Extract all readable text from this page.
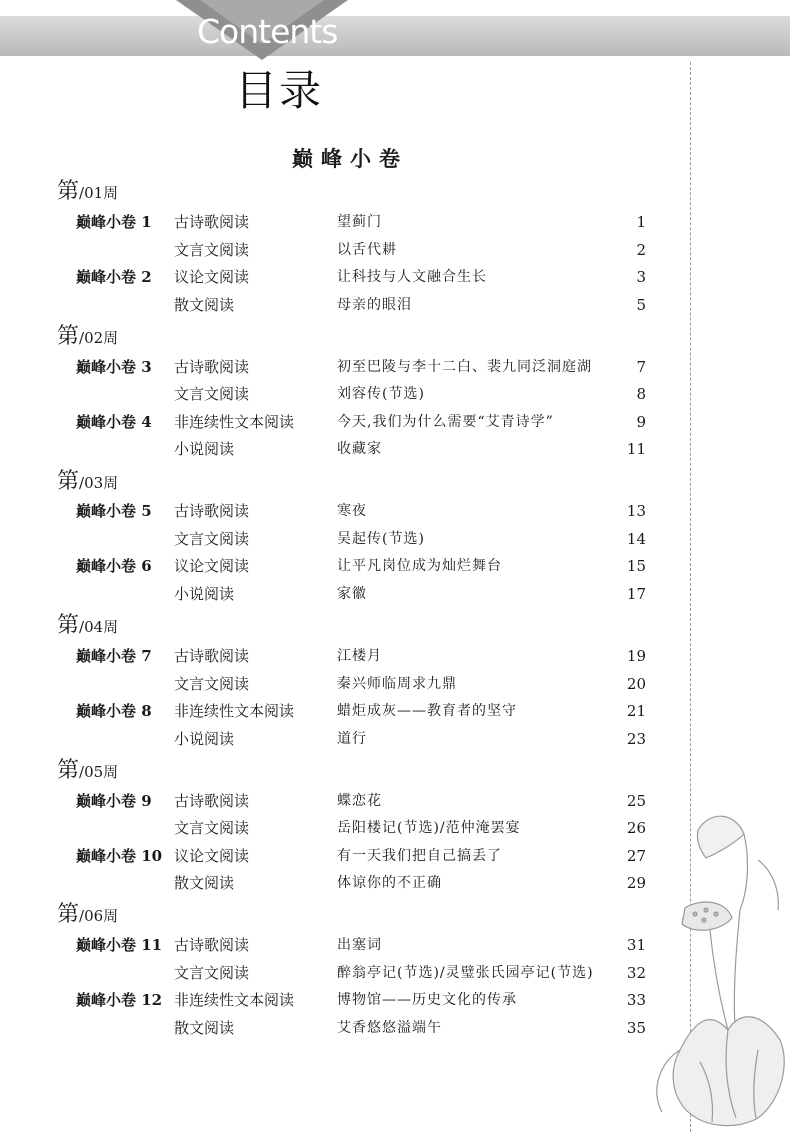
Contents
目录
巅峰小卷
第/01周
巅峰小卷 1 古诗歌阅读	望蓟门	1
文言文阅读	以舌代耕	2
巅峰小卷 2 议论文阅读	让科技与人文融合生长	3
散文阅读	母亲的眼泪	5
第/02周
巅峰小卷 3 古诗歌阅读	初至巴陵与李十二白、裴九同泛洞庭湖	7
文言文阅读	刘容传(节选)	8
巅峰小卷 4 非连续性文本阅读	今天,我们为什么需要“艾青诗学”	9
小说阅读	收藏家	11
第/03周
巅峰小卷 5 古诗歌阅读	寒夜	13
文言文阅读	吴起传(节选)	14
巅峰小卷 6 议论文阅读	让平凡岗位成为灿烂舞台	15
小说阅读	家徽	17
第/04周
巅峰小卷 7 古诗歌阅读	江楼月	19
文言文阅读	秦兴师临周求九鼎	20
巅峰小卷 8 非连续性文本阅读	蜡炬成灰——教育者的坚守	21
小说阅读	道行	23
第/05周
巅峰小卷 9 古诗歌阅读	蝶恋花	25
文言文阅读	岳阳楼记(节选)/范仲淹罢宴	26
巅峰小卷 10 议论文阅读	有一天我们把自己搞丢了	27
散文阅读	体谅你的不正确	29
第/06周
巅峰小卷 11 古诗歌阅读	出塞词	31
文言文阅读	醉翁亭记(节选)/灵璧张氏园亭记(节选) 32
巅峰小卷 12 非连续性文本阅读	博物馆——历史文化的传承	33
散文阅读	艾香悠悠溢端午	35
